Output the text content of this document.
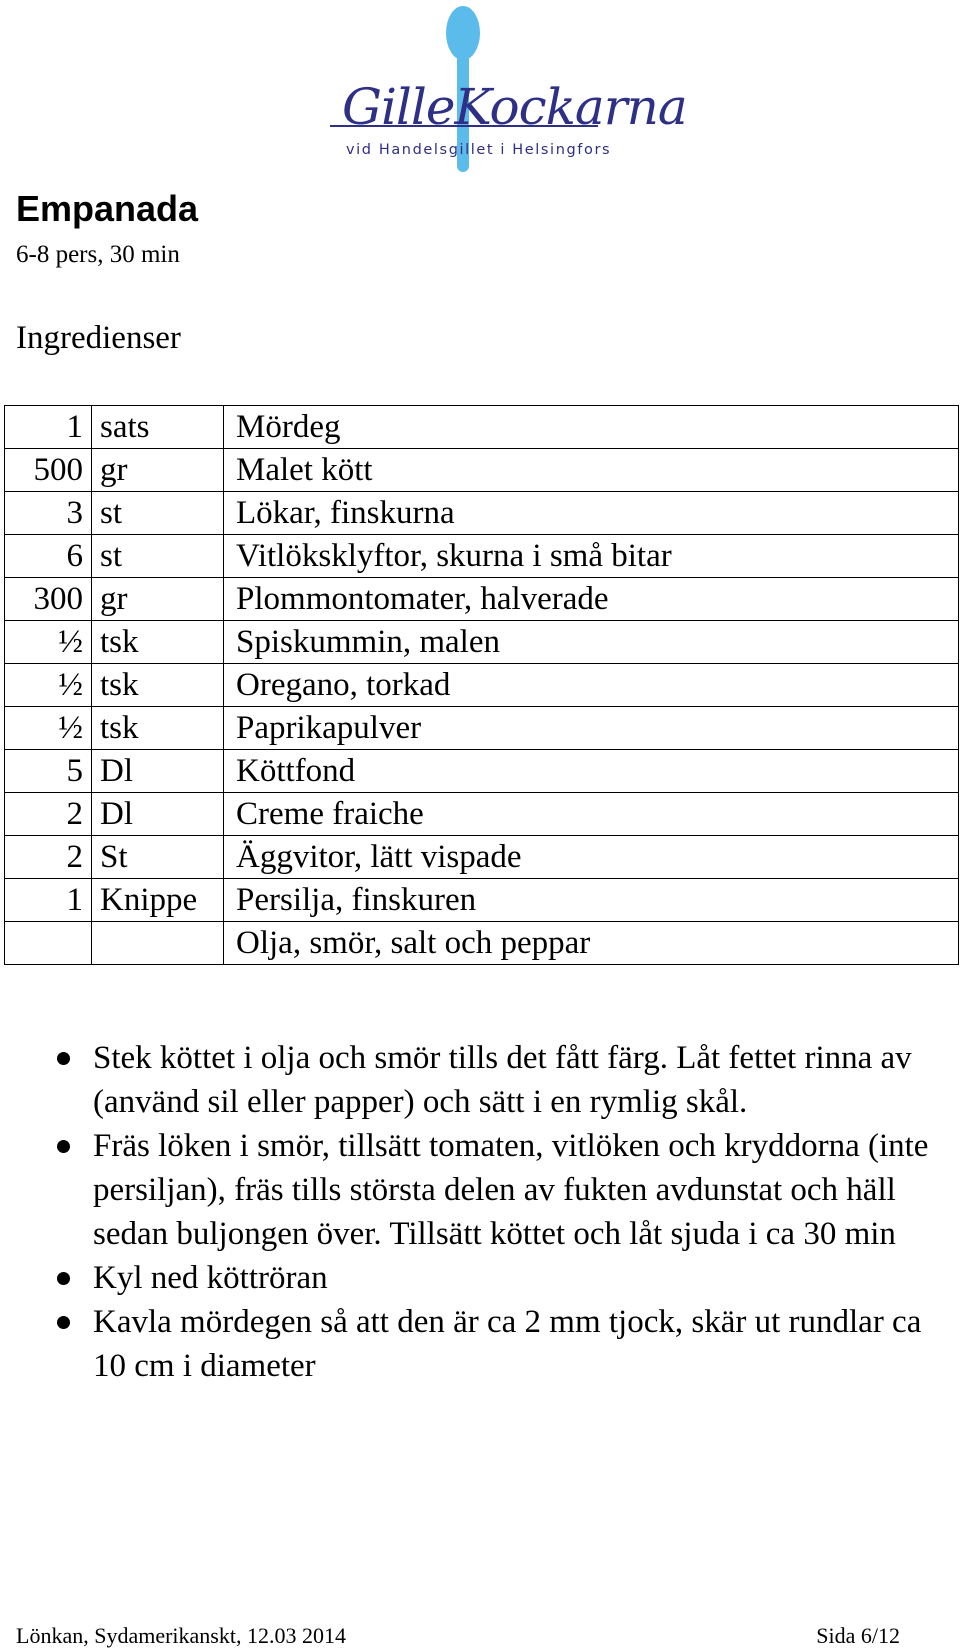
GilleKockarna
vid Handelsgillet i Helsingfors
Empanada
6-8 pers, 30 min
Ingredienser
1	sats	Mördeg
500	gr	Malet kött
3	st	Lökar, finskurna
6	st	Vitlöksklyftor, skurna i små bitar
300	gr	Plommontomater, halverade
½	tsk	Spiskummin, malen
½	tsk	Oregano, torkad
½	tsk	Paprikapulver
5	Dl	Köttfond
2	Dl	Creme fraiche
2	St	Äggvitor, lätt vispade
1	Knippe	Persilja, finskuren
		Olja, smör, salt och peppar
Stek köttet i olja och smör tills det fått färg. Låt fettet rinna av (använd sil eller papper) och sätt i en rymlig skål.
Fräs löken i smör, tillsätt tomaten, vitlöken och kryddorna (inte persiljan), fräs tills största delen av fukten avdunstat och häll sedan buljongen över. Tillsätt köttet och låt sjuda i ca 30 min
Kyl ned köttröran
Kavla mördegen så att den är ca 2 mm tjock, skär ut rundlar ca 10 cm i diameter
Lönkan, Sydamerikanskt, 12.03 2014	Sida 6/12
